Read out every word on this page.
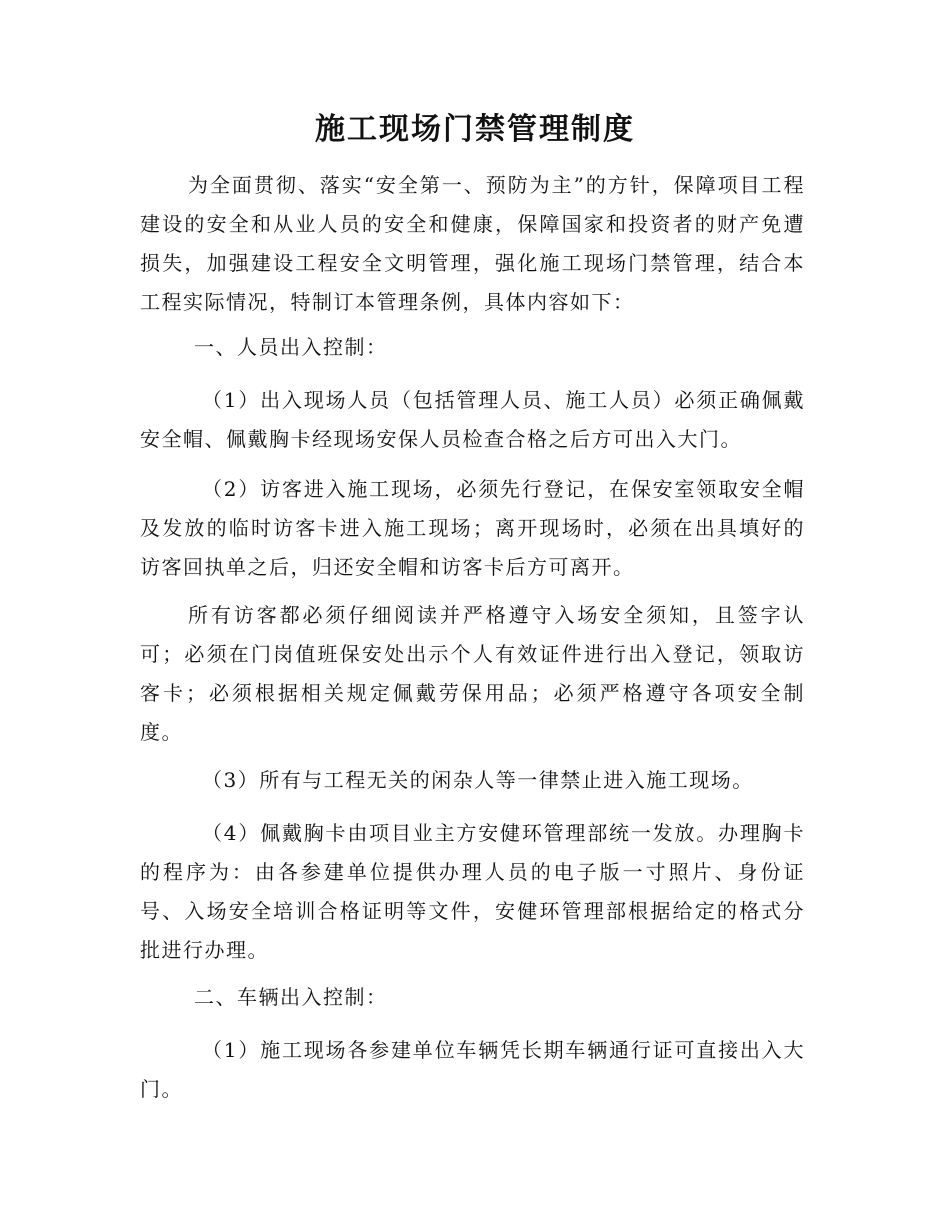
施工现场门禁管理制度

为全面贯彻、落实“安全第一、预防为主”的方针，保障项目工程建设的安全和从业人员的安全和健康，保障国家和投资者的财产免遭损失，加强建设工程安全文明管理，强化施工现场门禁管理，结合本工程实际情况，特制订本管理条例，具体内容如下：

一、人员出入控制：

（1）出入现场人员（包括管理人员、施工人员）必须正确佩戴安全帽、佩戴胸卡经现场安保人员检查合格之后方可出入大门。

（2）访客进入施工现场，必须先行登记，在保安室领取安全帽及发放的临时访客卡进入施工现场；离开现场时，必须在出具填好的访客回执单之后，归还安全帽和访客卡后方可离开。

所有访客都必须仔细阅读并严格遵守入场安全须知，且签字认可；必须在门岗值班保安处出示个人有效证件进行出入登记，领取访客卡；必须根据相关规定佩戴劳保用品；必须严格遵守各项安全制度。

（3）所有与工程无关的闲杂人等一律禁止进入施工现场。

（4）佩戴胸卡由项目业主方安健环管理部统一发放。办理胸卡的程序为：由各参建单位提供办理人员的电子版一寸照片、身份证号、入场安全培训合格证明等文件，安健环管理部根据给定的格式分批进行办理。

二、车辆出入控制：

（1）施工现场各参建单位车辆凭长期车辆通行证可直接出入大门。
